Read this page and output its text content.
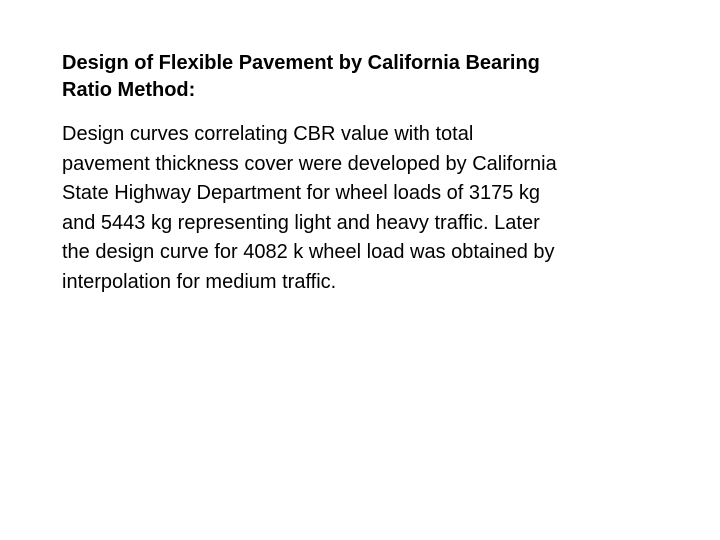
Design of Flexible Pavement by California Bearing
Ratio Method:

Design curves correlating CBR value with total
pavement thickness cover were developed by California
State Highway Department for wheel loads of 3175 kg
and 5443 kg representing light and heavy traffic. Later
the design curve for 4082 k wheel load was obtained by
interpolation for medium traffic.
